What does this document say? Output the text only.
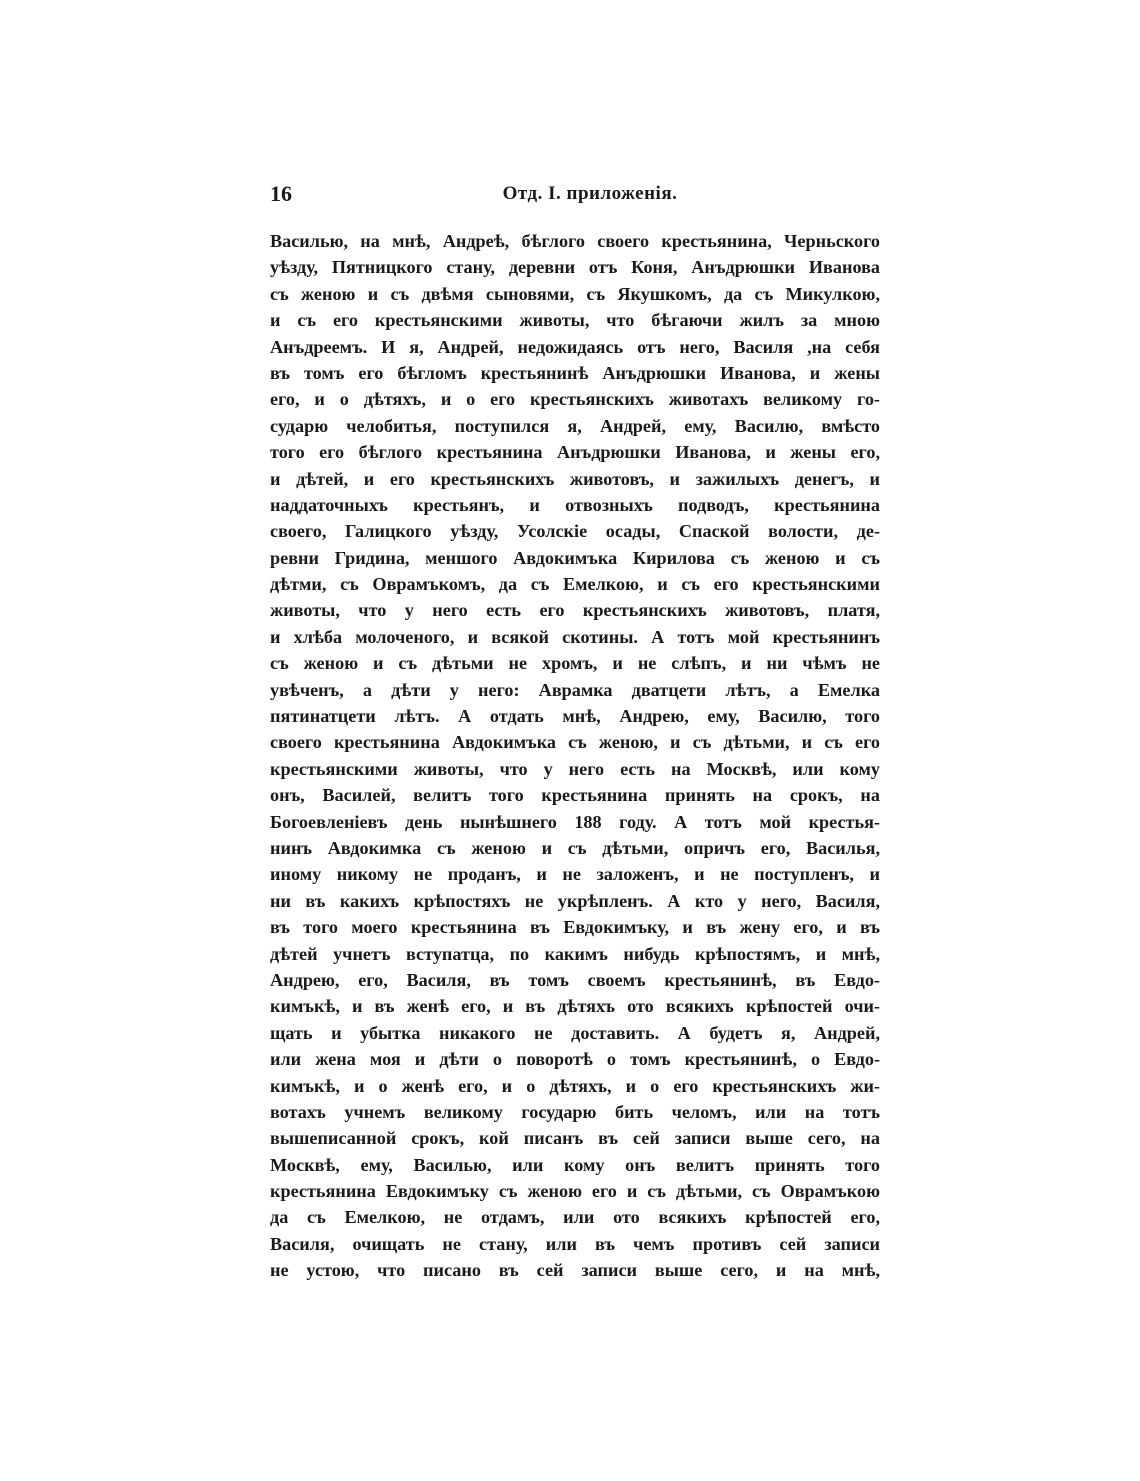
16	Отд. I. приложенія.
Василью, на мнѣ, Андреѣ, бѣглого своего крестьянина, Черньского
уѣзду, Пятницкого стану, деревни отъ Коня, Анъдрюшки Иванова
съ женою и съ двѣмя сыновями, съ Якушкомъ, да съ Микулкою,
и съ его крестьянскими животы, что бѣгаючи жилъ за мною
Анъдреемъ. И я, Андрей, недожидаясь отъ него, Василя ,на себя
въ томъ его бѣгломъ крестьянинѣ Анъдрюшки Иванова, и жены
его, и о дѣтяхъ, и о его крестьянскихъ животахъ великому го-
сударю челобитья, поступился я, Андрей, ему, Василю, вмѣсто
того его бѣглого крестьянина Анъдрюшки Иванова, и жены его,
и дѣтей, и его крестьянскихъ животовъ, и зажилыхъ денегъ, и
наддаточныхъ крестьянъ, и отвозныхъ подводъ, крестьянина
своего, Галицкого уѣзду, Усолскіе осады, Спаской волости, де-
ревни Гридина, меншого Авдокимъка Кирилова съ женою и съ
дѣтми, съ Оврамъкомъ, да съ Емелкою, и съ его крестьянскими
животы, что у него есть его крестьянскихъ животовъ, платя,
и хлѣба молоченого, и всякой скотины. А тотъ мой крестьянинъ
съ женою и съ дѣтьми не хромъ, и не слѣпъ, и ни чѣмъ не
увѣченъ, а дѣти у него: Аврамка дватцети лѣтъ, а Емелка
пятинатцети лѣтъ. А отдать мнѣ, Андрею, ему, Василю, того
своего крестьянина Авдокимъка съ женою, и съ дѣтьми, и съ его
крестьянскими животы, что у него есть на Москвѣ, или кому
онъ, Василей, велитъ того крестьянина принять на срокъ, на
Богоевленіевъ день нынѣшнего 188 году. А тотъ мой крестья-
нинъ Авдокимка съ женою и съ дѣтьми, опричъ его, Василья,
иному никому не проданъ, и не заложенъ, и не поступленъ, и
ни въ какихъ крѣпостяхъ не укрѣпленъ. А кто у него, Василя,
въ того моего крестьянина въ Евдокимъку, и въ жену его, и въ
дѣтей учнетъ вступатца, по какимъ нибудь крѣпостямъ, и мнѣ,
Андрею, его, Василя, въ томъ своемъ крестьянинѣ, въ Евдо-
кимъкѣ, и въ женѣ его, и въ дѣтяхъ ото всякихъ крѣпостей очи-
щать и убытка никакого не доставить. А будетъ я, Андрей,
или жена моя и дѣти о поворотѣ о томъ крестьянинѣ, о Евдо-
кимъкѣ, и о женѣ его, и о дѣтяхъ, и о его крестьянскихъ жи-
вотахъ учнемъ великому государю бить челомъ, или на тотъ
вышеписанной срокъ, кой писанъ въ сей записи выше сего, на
Москвѣ, ему, Василью, или кому онъ велитъ принять того
крестьянина Евдокимъку съ женою его и съ дѣтьми, съ Оврамъкою
да съ Емелкою, не отдамъ, или ото всякихъ крѣпостей его,
Василя, очищать не стану, или въ чемъ противъ сей записи
не устою, что писано въ сей записи выше сего, и на мнѣ,
